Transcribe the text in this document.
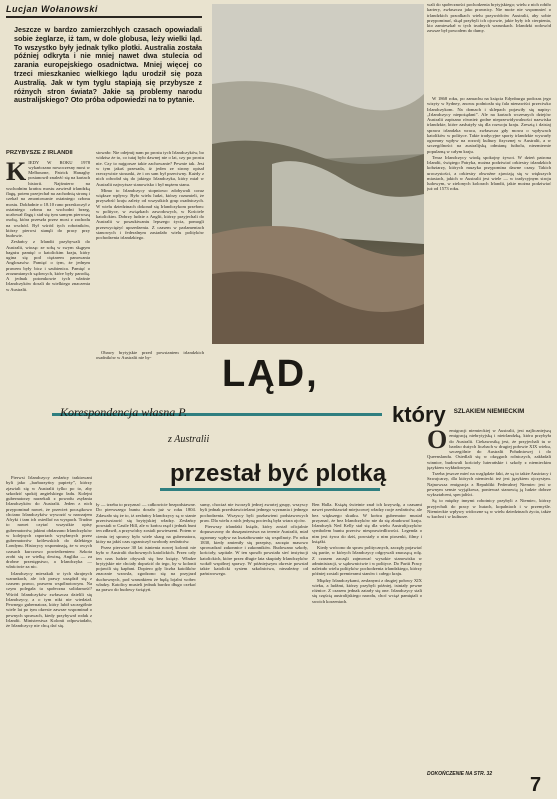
Lucjan Wołanowski
Jeszcze w bardzo zamierzchłych czasach opowiadali sobie żeglarze, iż tam, w dole globusa, leży wielki ląd. To wszystko były jednak tylko plotki. Australia została później odkryta i nie mniej nawet dwa stulecia od zarania europejskiego osadnictwa. Mniej więcej co trzeci mieszkaniec wielkiego lądu urodził się poza Australią. Jak w tym tyglu stapiają się przybysze z różnych stron świata? Jakie są problemy narodu australijskiego? Oto próba odpowiedzi na to pytanie.
PRZYBYSZE Z IRLANDII
K IEDY W ROKU 1978 wykańczano nowoczesny most w Melbourne, Patrick Hanaghy postanowił znaleźć się na kartach historii. Najśmierw na wschodnim krańcu mostu zawiesił irlandzką flagę, potem przejechał na zachodnią stronę i czekał na zmontowanie ostatniego członu mostu. Dokładnie o 18.10 rano przeskoczył z ostatniego członu na wschodni brzeg, ucałował flagę i stał się tym samym pierwszą osobą, która przeszła przez most z zachodu na wschód. Był wśród tych robotników, którzy pierwsi stanęli do pracy przy budowie.

Zesłańcy z Irlandii przybywali do Australii, wioząc ze sobą w swym skąpym bagażu pamięć o katolickim kraju, który ugina się pod ciężarem panowania Anglosasów. Pamięć o tym, że jednym prawem były bicz i szubienica. Pamięć o zrozumianych sądowych, które były parodią. A jednak potomkowie tych właśnie Irlandczyków doszli do wielkiego znaczenia w Australii.

Pierwsi Irlandczycy zesłańcy traktowani byli jako „barbarzyńcy papieży”, którzy zjawiali się w Australii tylko po to, aby szkodzić spokój angielskiego ładu. Kolejni gubernatorzy narzekali z powodu zsyłania Irlandczyków do Australii. Jeden z nich przypominał nawet, że przecież początkowo chciano Irlandczyków wywozić w nawzajem Afryki i tam ich osiedlać na wyspach. Trudno to nawet czytać wszystkie opisy gubernatorów, jakimi obdarzano Irlandczyków w kolejnych raportach wysyłanych przez gubernatorów królewskich do dalekiego Londynu. Historycy wspominają, że w owych czasach kurczowo powiedzeniem: Szkota zrobi się ze wielką drwiną, Anglika — za drobne przestępstwo, a Irlandczyka — właściwie za nic.

Irlandczycy mieszkali w tych skrajnych warunkach, ale ich prawy urządził się z czasem prawo, prawem wspólnotowym. Na czym polegała ta społeczna solidarność? Wśród Irlandczyków zwłaszcza dzielili się Irlandczycy, a o tym nikt nie wiedział. Pewnego gubernatora, który lubił szczególnie wiele lat po tym okresie zawsze wspominał o pewnych sprawach, kiedy przybywał rodak z Irlandii. Ministerstwa Kolonii odpowiadało, że Irlandczycy nie chcą dać się.

stowało: Nie odejmij nam po prostu tych Irlandczyków, bo widzisz że to, co tutaj było dawnej nie o lat, czy po prostu nie. Czy to najgorsze takie zachowanie? Pewnie tak. Jest w tym jakaś przesada, iż jeden ze strony opisał rzeczywiste stosunki, że i on sam był przeciwny. Każdy z nich odwołał się do jakiego Irlandczyka, który miał w Australii najwyższe stanowisko i był mężem stanu.

Mimo to Irlandczycy stopniowo zdobywali coraz większe wpływy. Było wielu ludzi, którzy rozumieli, że przyszłość kraju zależy od wszystkich grup osadniczych. W wielu dziedzinach dokonał się Irlandczykom przełom: w polityce, w związkach zawodowych, w Kościele katolickim. Dobrzy ludzie z Anglii, którzy przyjechali do Australii w poszukiwaniu lepszego życia, pomogli przezwyciężyć uprzedzenia. Z czasem w parlamentach stanowych i federalnym zasiadało wielu polityków pochodzenia irlandzkiego.

Obawy brytyjskie przed powstaniem irlandzkich osadników w Australii nie by-	LĄD,
który
przestał być plotką
Korespondencja własna P.
z Australii

ły — trzeba to przyznać — całkowicie bezpodstawne. Do pierwszego buntu doszło już w roku 1804. Zdawało się że to, iż zesłańcy Irlandczycy są w stanie przeciwstawić się brytyjskiej władzy. Zesłańcy powstali w Castle Hill, ale w końcu rząd i jednak bunt ten zdławił, a przywódcy zostali powieszeni. Potem w cieniu tej sprawy było wiele skarg na gubernatora, który na jakiś czas ograniczył swobody zesłańców.

Przez pierwsze 30 lat istnienia nowej kolonii nie było w Australii duchownych katolickich. Przez cały ten czas ludzie obywali się bez księży. Władze brytyjskie nie chciały dopuścić do tego, by w kolonii pojawili się kapłani. Dopiero gdy liczba katolików znacznie wzrosła, zgodzono się na przyjazd duchownych, pod warunkiem że będą lojalni wobec władzy. Katolicy musieli jednak bardzo długo czekać na prawo do budowy świątyń.

sumy, chociaż nie tworzyli jednej zwartej grupy, wszyscy byli jednak przedstawicielami jednego wyznania i jednego pochodzenia. Wszyscy byli pozbawieni podstawowych praw. Dla wielu z nich jedyną pociechą była wiara ojców.

Pierwszy irlandzki ksiądz, który został oficjalnie dopuszczony do duszpasterstwa na terenie Australii, miał ogromny wpływ na kształtowanie się wspólnoty. Po roku 1830, kiedy zmieniły się przepisy, zaczęto masowo sprowadzać zakonnice i zakonników. Budowano szkoły, kościoły, szpitale. W ten sposób powstała sieć instytucji katolickich, które przez długie lata skupiały Irlandczyków wokół wspólnej sprawy. W późniejszym okresie powstał także katolicki system szkolnictwa, niezależny od państwowego.

Ben Halla. Książę świetnie znał ich krzywdę, a czasami nawet przedstawiał miejscowej władzy racje zesłańców, ale bez większego skutku. W końcu gubernator musiał przyznać, że bez Irlandczyków nie da się zbudować kraju. Irlandczyk Ned Kelly stał się dla wielu Australijczyków symbolem buntu przeciw niesprawiedliwości. Legenda o nim jest żywa do dziś, powstały o nim piosenki, filmy i książki.

Kiedy wrócono do spraw politycznych, zaczęły pojawiać się partie, w których Irlandczycy odgrywali znaczącą rolę. Z czasem zaczęli zajmować wysokie stanowiska w administracji, w sądownictwie i w polityce. Do Partii Pracy należało wielu polityków pochodzenia irlandzkiego, którzy później zostali premierami stanów i całego kraju.

Między Irlandczykami, zesłanymi z drugiej połowy XIX wieku, a ludźmi, którzy przybyli później, istniały pewne różnice. Z czasem jednak zatarły się one. Irlandczycy stali się częścią australijskiego narodu, choć wciąż pamiętali o swoich korzeniach.

wali do społeczności pochodzenia brytyjskiego; wielu z nich robiło kariery, zwłaszcza jako prawnicy. Nie może nie wspomnieć o irlandzkich przodkach wielu przywódców Australii, aby sobie przypominać, skąd przybyli ich ojcowie, jakie były ich cierpienia, kto zamieszkał w tych trudnych warunkach. Irlandzki rodowód zawsze był powodem do dumy.

W 1868 roku, po zamachu na księcia Edynburga podczas jego wizyty w Sydney, znowu podniosła się fala nienawiści przeciwko Irlandczykom. Na domach i sklepach pojawiły się napisy: „Irlandczycy niepożądani”. Ale na kartach wczesnych dziejów Australii zapisano również godne nieprzewidywalności nazwiska irlandzkie, które zasłużyły się dla rozwoju kraju. Zresztą i dzisiaj sprawa irlandzka wraca, zwłaszcza gdy mowa o wpływach katolików w polityce. Takie tradycyjne sporty irlandzkie wywarły ogromny wpływ na rozwój kultury fizycznej w Australii, a w szczególności na australijską odmianę futbolu, niezmiernie popularną w całym kraju.

Teraz Irlandczycy wiodą spokojny żywot. W dzień patrona Irlandii, świętego Patryka, można podziwiać orkiestry irlandzkich kobziarzy, których muzyka przypomina dawne czasy. Takich uroczystości, a orkiestry obwoźne zjawiają się w większych miastach, jakich w Australii jest wiele — w tradycyjnym stroju ludowym, w zielonych kolorach Irlandii, jakie można podziwiać już od 1573 roku.

SZLAKIEM NIEMIECKIM
O emigracji niemieckiej w Australii, jest najliczniejszą emigracją niebrytyjską i nieirlandzką, która przybyła do Australii. Ciekawostką jest, że przyjechali tu w bardzo dużych liczbach w drugiej połowie XIX wieku, szczególnie do Australii Południowej i do Queenslandu. Osiedlali się w okręgach rolniczych, zakładali winnice, budowali kościoły luterańskie i szkoły z niemieckim językiem wykładowym.

Trzeba jeszcze mieć na względzie fakt, że są to także Austriacy i Szwajcarzy, dla których niemiecki też jest językiem ojczystym. Najnowsza emigracja z Republiki Federalnej Niemiec jest w pewnym sensie wyjątkowa, ponieważ stanowią ją ludzie dobrze wykształceni, specjaliści.

Są to między innymi robotnicy przybyli z Niemiec, którzy przyjechali do pracy w hutach, kopalniach i w przemyśle. Niemieckie wpływy widoczne są w wielu dziedzinach życia, także w kuchni i w kulturze.

DOKOŃCZENIE NA STR. 32 7
